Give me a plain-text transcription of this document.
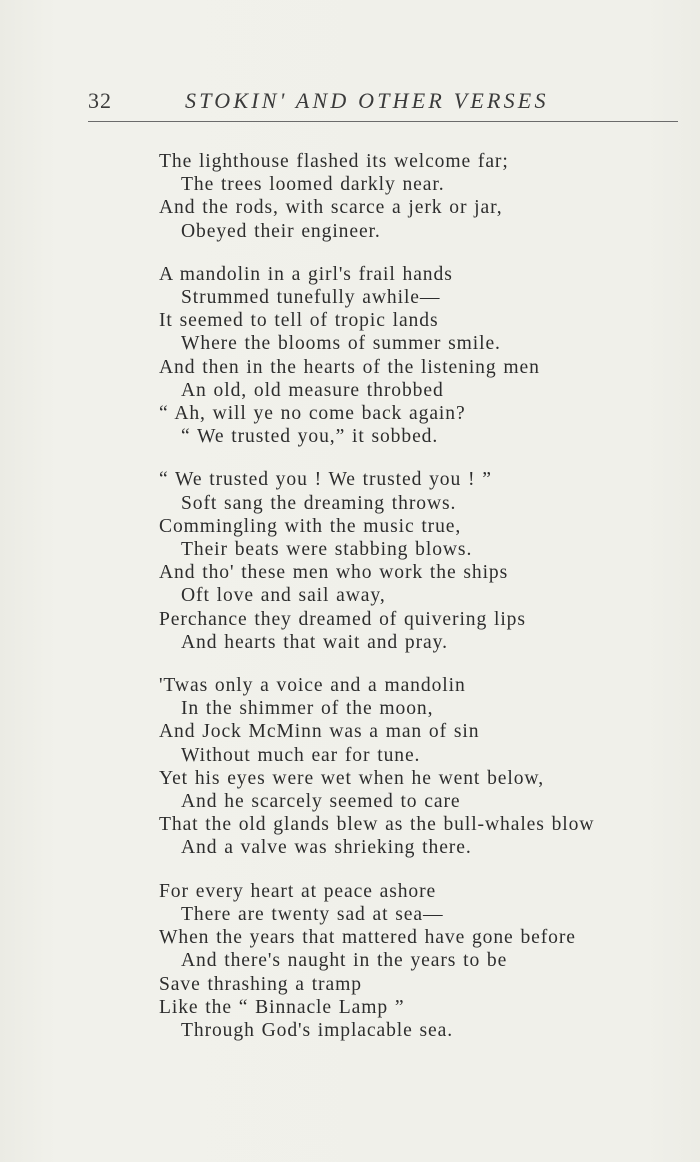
32	STOKIN' AND OTHER VERSES
The lighthouse flashed its welcome far;
The trees loomed darkly near.
And the rods, with scarce a jerk or jar,
Obeyed their engineer.
A mandolin in a girl's frail hands
Strummed tunefully awhile—
It seemed to tell of tropic lands
Where the blooms of summer smile.
And then in the hearts of the listening men
An old, old measure throbbed
“ Ah, will ye no come back again?
“ We trusted you,” it sobbed.
“ We trusted you ! We trusted you ! ”
Soft sang the dreaming throws.
Commingling with the music true,
Their beats were stabbing blows.
And tho' these men who work the ships
Oft love and sail away,
Perchance they dreamed of quivering lips
And hearts that wait and pray.
'Twas only a voice and a mandolin
In the shimmer of the moon,
And Jock McMinn was a man of sin
Without much ear for tune.
Yet his eyes were wet when he went below,
And he scarcely seemed to care
That the old glands blew as the bull-whales blow
And a valve was shrieking there.
For every heart at peace ashore
There are twenty sad at sea—
When the years that mattered have gone before
And there's naught in the years to be
Save thrashing a tramp
Like the “ Binnacle Lamp ”
Through God's implacable sea.
